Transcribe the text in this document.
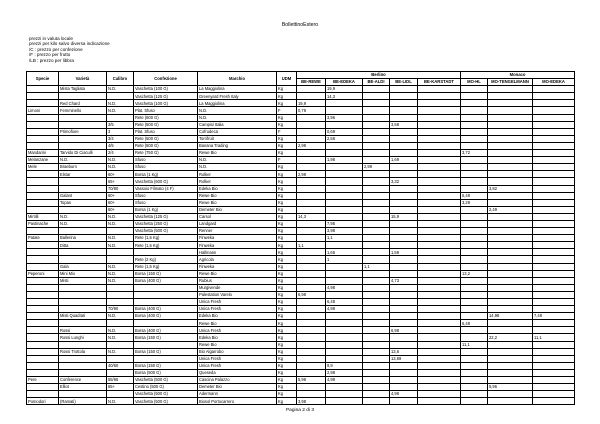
BollettinoEstero
prezzi in valuta locale
prezzi per kilo salvo diversa indicazione
/C : prezzo per confezione
/F : prezzo per frutto
/LB : prezzo per libbra
Specie	Varietà	Calibro	Confezione	Marchio	UDM	Berlino					Monaco		
						BE-REWE	BE-EDEKA	BE-ALDI	BE-LIDL	BE-KARSTADT	MO-HL	MO-TENGELMANN	MO-EDEKA
	Mista Tagliata	N.D.	Vaschetta (100 G)	La Maggiolina	Kg		19,9						
			Vaschetta (125 G)	Greenyard Fresh Italy	Kg		14,3						
	Red Chard	N.D.	Vaschetta (100 G)	La Maggiolina	Kg	19,9							
Limoni	Femminello	N.D.	Plat. Sfuso	N.D.	F	0,79							
			Rete (500 G)	N.D.	Kg		3,96						
		3/5	Rete (500 G)	Campisi Italia	Kg				3,58				
	Primofiore	3	Plat. Sfuso	Cofrudeca	F		0,69						
		3/4	Rete (500 G)	Torrifruit	Kg		2,58						
		4/5	Rete (500 G)	Banana Trading	Kg	2,98							
Mandarini	Tarvido Di Ciaculli	2/4	Rete (750 G)	Rewe Bio	Kg						3,72		
Melanzane	N.D.	N.D.	Sfuso	N.D.	F		1,98		1,69				
Mele	Braeburn	N.D.	Sfuso	N.D.	Kg			2,99					
	Elstar	60+	Borsa (1 Kg)	Rolker	Kg	2,99							
		65+	Vaschetta (600 G)	Rolker	Kg				3,32				
		70/80	Vassoio Filmato (4 F)	Edeka Bio	Kg							3,82	
	Galant	60+	Sfuso	Rewe Bio	Kg						5,48		
	Topas	60+	Sfuso	Rewe Bio	Kg						3,29		
		60+	Borsa (1 Kg)	Demeter Bio	Kg							2,49	
Mirtilli	N.D.	N.D.	Vaschetta (125 G)	Carsol	Kg	14,3			15,9				
Pastinache	N.D.	N.D.	Vaschetta (250 G)	Landgard	Kg		7,95						
			Vaschetta (500 G)	Renner	Kg		3,98						
Patate	Ballerina	N.D.	Rete (1,5 Kg)	Finweka	Kg		1,1						
	Ditta	N.D.	Rete (1,5 Kg)	Finweka	Kg	1,1							
				Hallmann	Kg		1,66		1,59				
			Rete (2 Kg)	Agricola	Kg		1						
	Gala	N.D.	Rete (1,5 Kg)	Finweka	Kg			1,1					
Peperoni	Mini Mix	N.D.	Borsa (150 G)	Rewe Bio	Kg						13,2		
	Misti	N.D.	Borsa (400 G)	Rubius	Kg				4,73				
				Murgivende	Kg		4,98						
				Palestation Varelo	Kg	6,98							
				Unica Fresh	Kg		6,48						
		70/90	Borsa (400 G)	Unica Fresh	Kg		4,98						
	Misti Quadrati	N.D.	Borsa (400 G)	Edeka Bio	Kg							14,98	7,48
				Rewe Bio	Kg						6,48		
	Rossi	N.D.	Borsa (400 G)	Unica Fresh	Kg				6,98				
	Rossi Lunghi	N.D.	Borsa (150 G)	Edeka Bio	Kg							22,2	11,1
				Rewe Bio	Kg						11,1		
	Rossi Trottola	N.D.	Borsa (150 G)	Bio Algarrobo	Kg				13,6				
				Unica Fresh	Kg				13,69				
		40/60	Borsa (150 G)	Unica Fresh	Kg		9,9						
			Borsa (500 G)	Queseda	Kg		2,98						
Pere	Conference	55/65	Vaschetta (500 G)	Cascina Palazzo	Kg	5,98	4,98						
	Elliot	65+	Cestino (500 G)	Demeter Bio	Kg							5,96	
			Vaschetta (500 G)	Adermann	Kg				4,98				
Pomodori	(Ramati)	N.D.	Vaschetta (500 G)	Biosol Portocarrero	Kg	3,98							
Pagina 2 di 3
